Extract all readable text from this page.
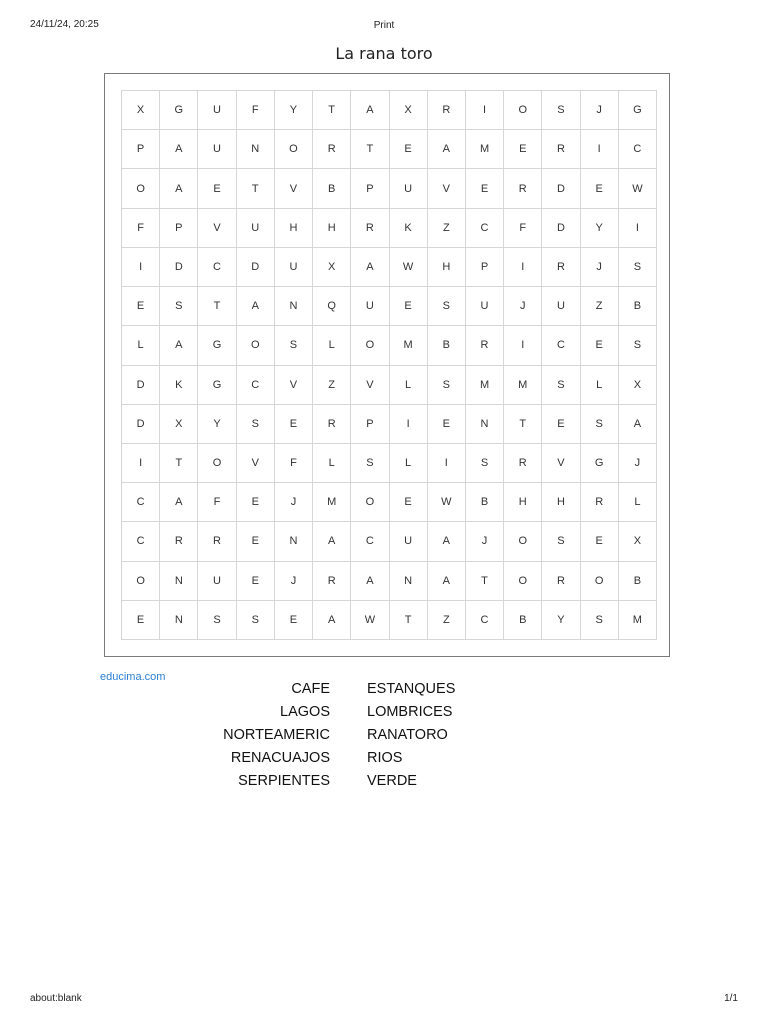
24/11/24, 20:25	Print
La rana toro
X	G	U	F	Y	T	A	X	R	I	O	S	J	G
P	A	U	N	O	R	T	E	A	M	E	R	I	C
O	A	E	T	V	B	P	U	V	E	R	D	E	W
F	P	V	U	H	H	R	K	Z	C	F	D	Y	I
I	D	C	D	U	X	A	W	H	P	I	R	J	S
E	S	T	A	N	Q	U	E	S	U	J	U	Z	B
L	A	G	O	S	L	O	M	B	R	I	C	E	S
D	K	G	C	V	Z	V	L	S	M	M	S	L	X
D	X	Y	S	E	R	P	I	E	N	T	E	S	A
I	T	O	V	F	L	S	L	I	S	R	V	G	J
C	A	F	E	J	M	O	E	W	B	H	H	R	L
C	R	R	E	N	A	C	U	A	J	O	S	E	X
O	N	U	E	J	R	A	N	A	T	O	R	O	B
E	N	S	S	E	A	W	T	Z	C	B	Y	S	M
educima.com
CAFE
LAGOS
NORTEAMERIC
RENACUAJOS
SERPIENTES
ESTANQUES
LOMBRICES
RANATORO
RIOS
VERDE
about:blank	1/1
